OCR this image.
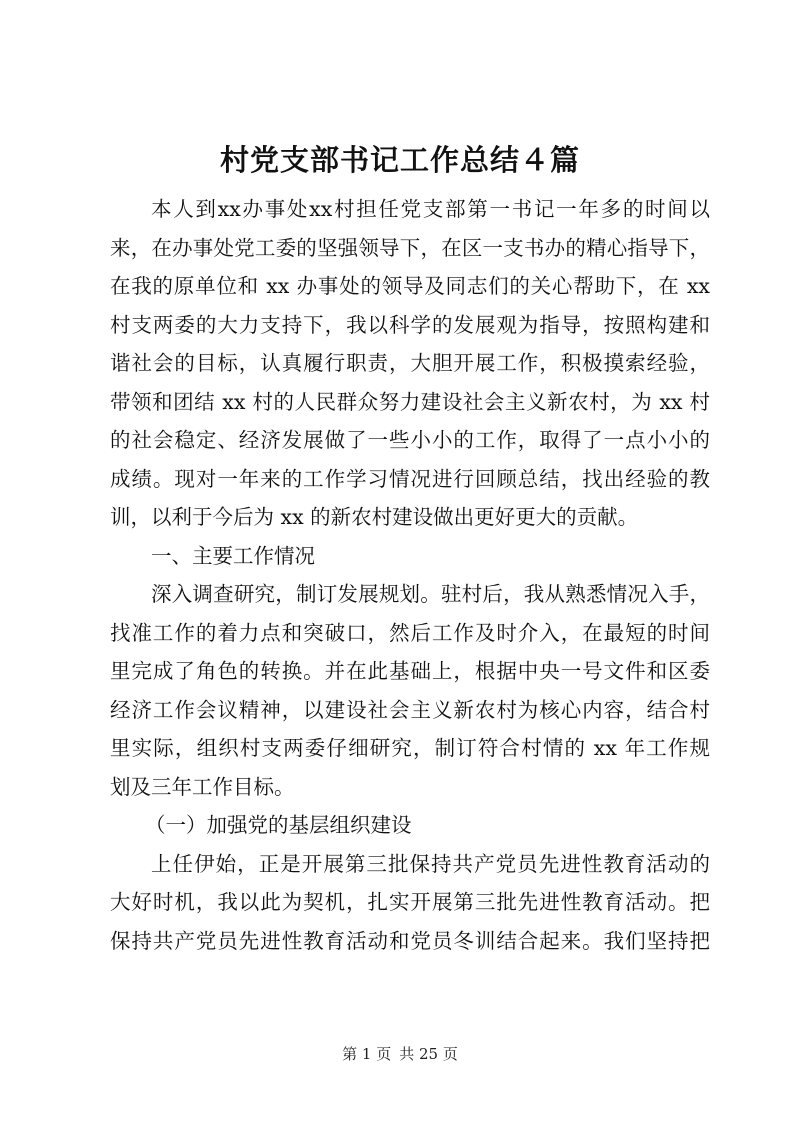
村党支部书记工作总结４篇
本人到xx办事处xx村担任党支部第一书记一年多的时间以
来，在办事处党工委的坚强领导下，在区一支书办的精心指导下，
在我的原单位和 xx 办事处的领导及同志们的关心帮助下，在 xx
村支两委的大力支持下，我以科学的发展观为指导，按照构建和
谐社会的目标，认真履行职责，大胆开展工作，积极摸索经验，
带领和团结 xx 村的人民群众努力建设社会主义新农村，为 xx 村
的社会稳定、经济发展做了一些小小的工作，取得了一点小小的
成绩。现对一年来的工作学习情况进行回顾总结，找出经验的教
训，以利于今后为 xx 的新农村建设做出更好更大的贡献。
一、主要工作情况
深入调查研究，制订发展规划。驻村后，我从熟悉情况入手，
找准工作的着力点和突破口，然后工作及时介入，在最短的时间
里完成了角色的转换。并在此基础上，根据中央一号文件和区委
经济工作会议精神，以建设社会主义新农村为核心内容，结合村
里实际，组织村支两委仔细研究，制订符合村情的 xx 年工作规
划及三年工作目标。
（一）加强党的基层组织建设
上任伊始，正是开展第三批保持共产党员先进性教育活动的
大好时机，我以此为契机，扎实开展第三批先进性教育活动。把
保持共产党员先进性教育活动和党员冬训结合起来。我们坚持把
第 1 页 共 25 页
